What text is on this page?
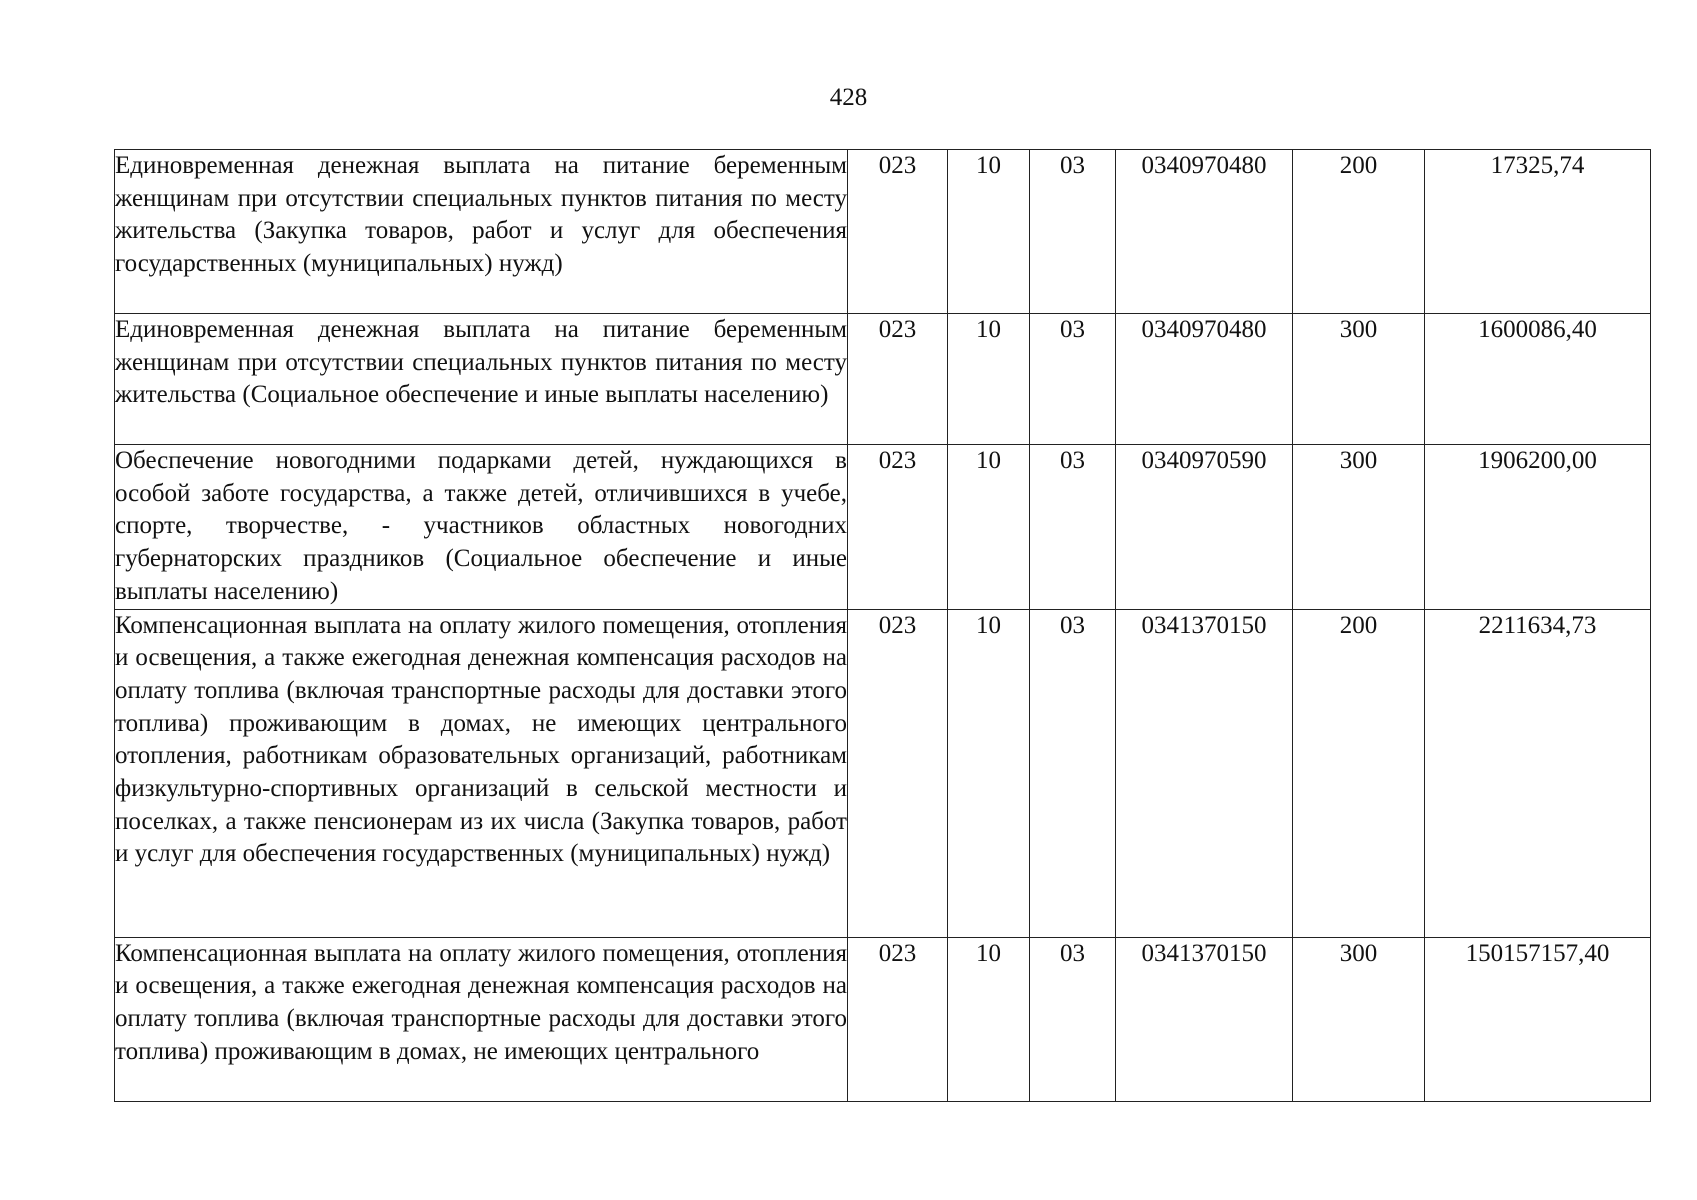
428
Единовременная денежная выплата на питание беременным женщинам при отсутствии специальных пунктов питания по месту жительства (Закупка товаров, работ и услуг для обеспечения государственных (муниципальных) нужд)	023	10	03	0340970480	200	17325,74
Единовременная денежная выплата на питание беременным женщинам при отсутствии специальных пунктов питания по месту жительства (Социальное обеспечение и иные выплаты населению)	023	10	03	0340970480	300	1600086,40
Обеспечение новогодними подарками детей, нуждающихся в особой заботе государства, а также детей, отличившихся в учебе, спорте, творчестве, - участников областных новогодних губернаторских праздников (Социальное обеспечение и иные выплаты населению)	023	10	03	0340970590	300	1906200,00
Компенсационная выплата на оплату жилого помещения, отопления и освещения, а также ежегодная денежная компенсация расходов на оплату топлива (включая транспортные расходы для доставки этого топлива) проживающим в домах, не имеющих центрального отопления, работникам образовательных организаций, работникам физкультурно-спортивных организаций в сельской местности и поселках, а также пенсионерам из их числа (Закупка товаров, работ и услуг для обеспечения государственных (муниципальных) нужд)	023	10	03	0341370150	200	2211634,73

Компенсационная выплата на оплату жилого помещения, отопления и освещения, а также ежегодная денежная компенсация расходов на оплату топлива (включая транспортные расходы для доставки этого топлива) проживающим в домах, не имеющих центрального	023	10	03	0341370150	300	150157157,40
